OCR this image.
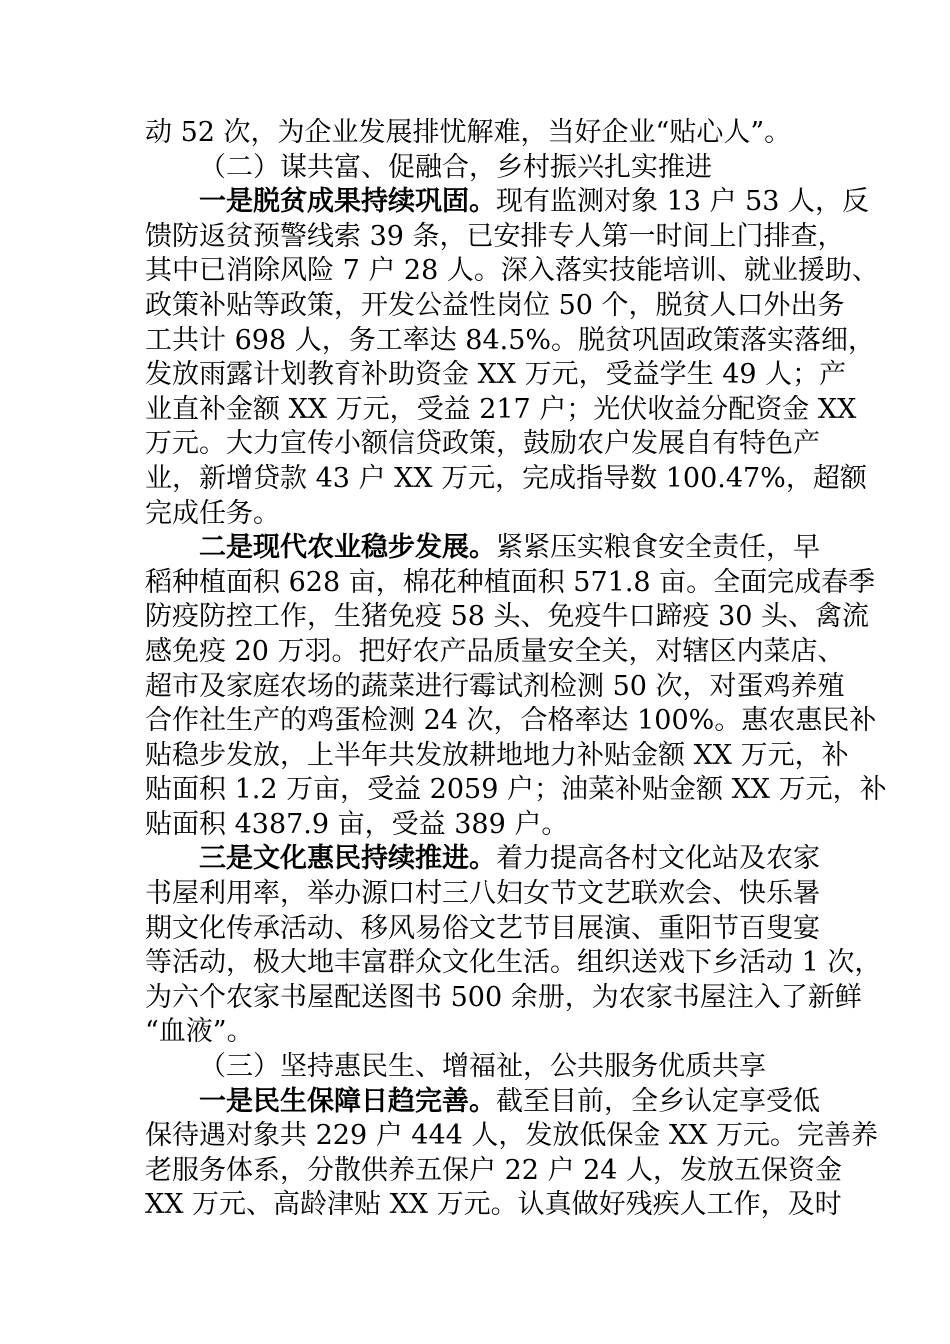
动 52 次，为企业发展排忧解难，当好企业“贴心人”。
（二）谋共富、促融合，乡村振兴扎实推进
一是脱贫成果持续巩固。现有监测对象 13 户 53 人，反
馈防返贫预警线索 39 条，已安排专人第一时间上门排查，
其中已消除风险 7 户 28 人。深入落实技能培训、就业援助、
政策补贴等政策，开发公益性岗位 50 个，脱贫人口外出务
工共计 698 人，务工率达 84.5%。脱贫巩固政策落实落细，
发放雨露计划教育补助资金 XX 万元，受益学生 49 人；产
业直补金额 XX 万元，受益 217 户；光伏收益分配资金 XX
万元。大力宣传小额信贷政策，鼓励农户发展自有特色产
业，新增贷款 43 户 XX 万元，完成指导数 100.47%，超额
完成任务。
二是现代农业稳步发展。紧紧压实粮食安全责任，早
稻种植面积 628 亩，棉花种植面积 571.8 亩。全面完成春季
防疫防控工作，生猪免疫 58 头、免疫牛口蹄疫 30 头、禽流
感免疫 20 万羽。把好农产品质量安全关，对辖区内菜店、
超市及家庭农场的蔬菜进行霉试剂检测 50 次，对蛋鸡养殖
合作社生产的鸡蛋检测 24 次，合格率达 100%。惠农惠民补
贴稳步发放，上半年共发放耕地地力补贴金额 XX 万元，补
贴面积 1.2 万亩，受益 2059 户；油菜补贴金额 XX 万元，补
贴面积 4387.9 亩，受益 389 户。
三是文化惠民持续推进。着力提高各村文化站及农家
书屋利用率，举办源口村三八妇女节文艺联欢会、快乐暑
期文化传承活动、移风易俗文艺节目展演、重阳节百叟宴
等活动，极大地丰富群众文化生活。组织送戏下乡活动 1 次，
为六个农家书屋配送图书 500 余册，为农家书屋注入了新鲜
“血液”。
（三）坚持惠民生、增福祉，公共服务优质共享
一是民生保障日趋完善。截至目前，全乡认定享受低
保待遇对象共 229 户 444 人，发放低保金 XX 万元。完善养
老服务体系，分散供养五保户 22 户 24 人，发放五保资金
XX 万元、高龄津贴 XX 万元。认真做好残疾人工作，及时
